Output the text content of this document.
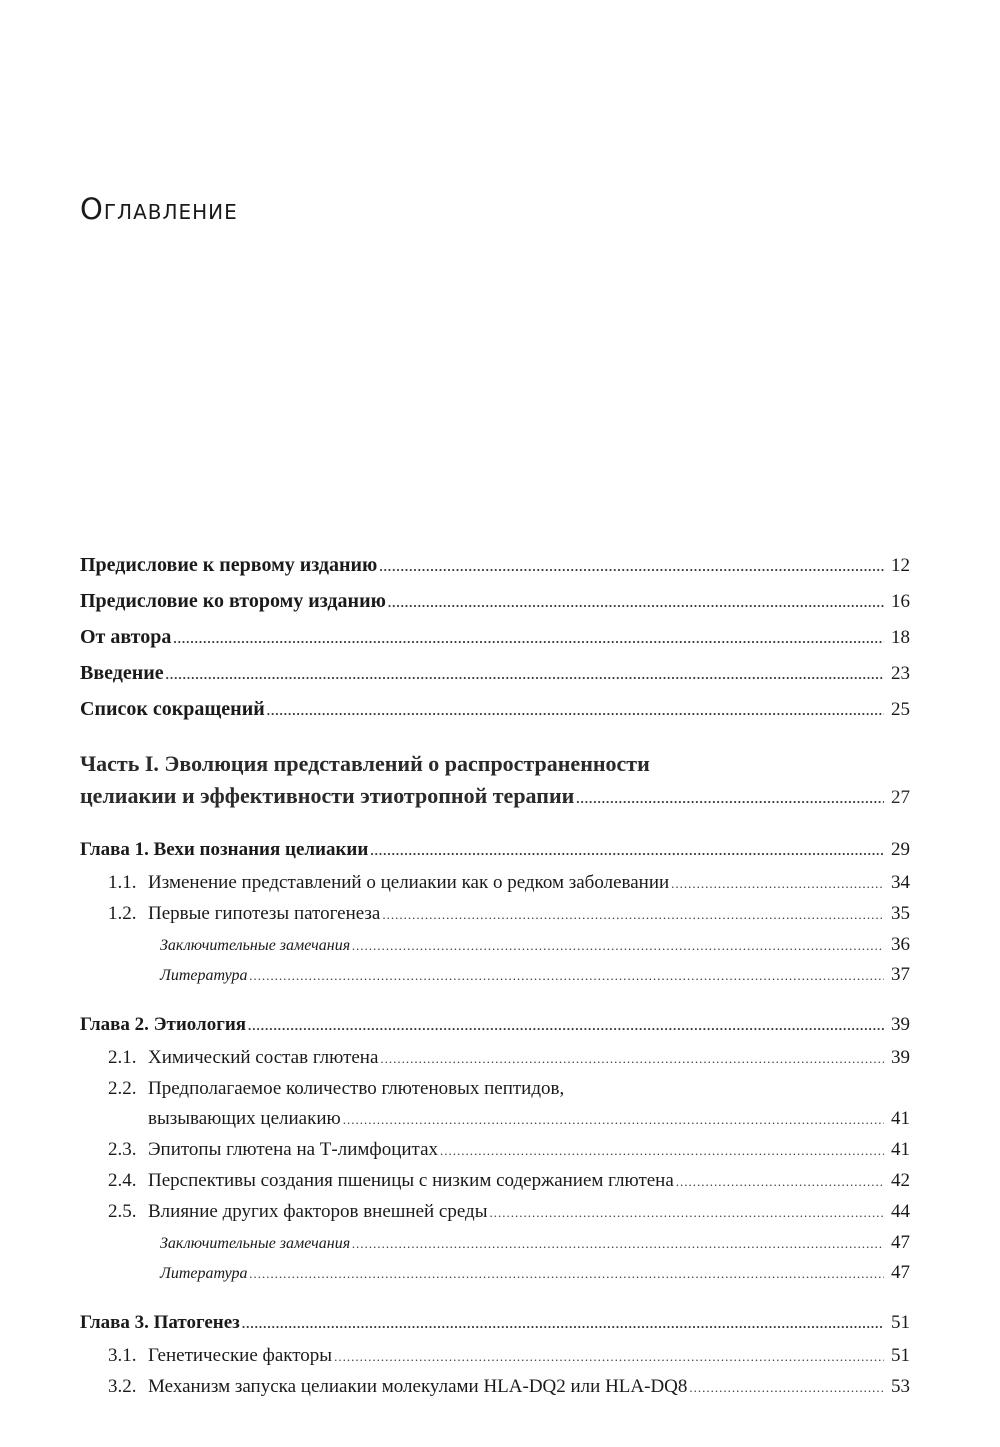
Оглавление
Предисловие к первому изданию .....	12
Предисловие ко второму изданию .....	16
От автора .....	18
Введение .....	23
Список сокращений .....	25
Часть I. Эволюция представлений о распространенности
целиакии и эффективности этиотропной терапии .....	27
Глава 1. Вехи познания целиакии .....	29
1.1. Изменение представлений о целиакии как о редком заболевании .....	34
1.2. Первые гипотезы патогенеза .....	35
Заключительные замечания .....	36
Литература .....	37
Глава 2. Этиология .....	39
2.1. Химический состав глютена .....	39
2.2. Предполагаемое количество глютеновых пептидов,
вызывающих целиакию .....	41
2.3. Эпитопы глютена на Т-лимфоцитах .....	41
2.4. Перспективы создания пшеницы с низким содержанием глютена .....	42
2.5. Влияние других факторов внешней среды .....	44
Заключительные замечания .....	47
Литература .....	47
Глава 3. Патогенез .....	51
3.1. Генетические факторы .....	51
3.2. Механизм запуска целиакии молекулами HLA-DQ2 или HLA-DQ8 .....	53
